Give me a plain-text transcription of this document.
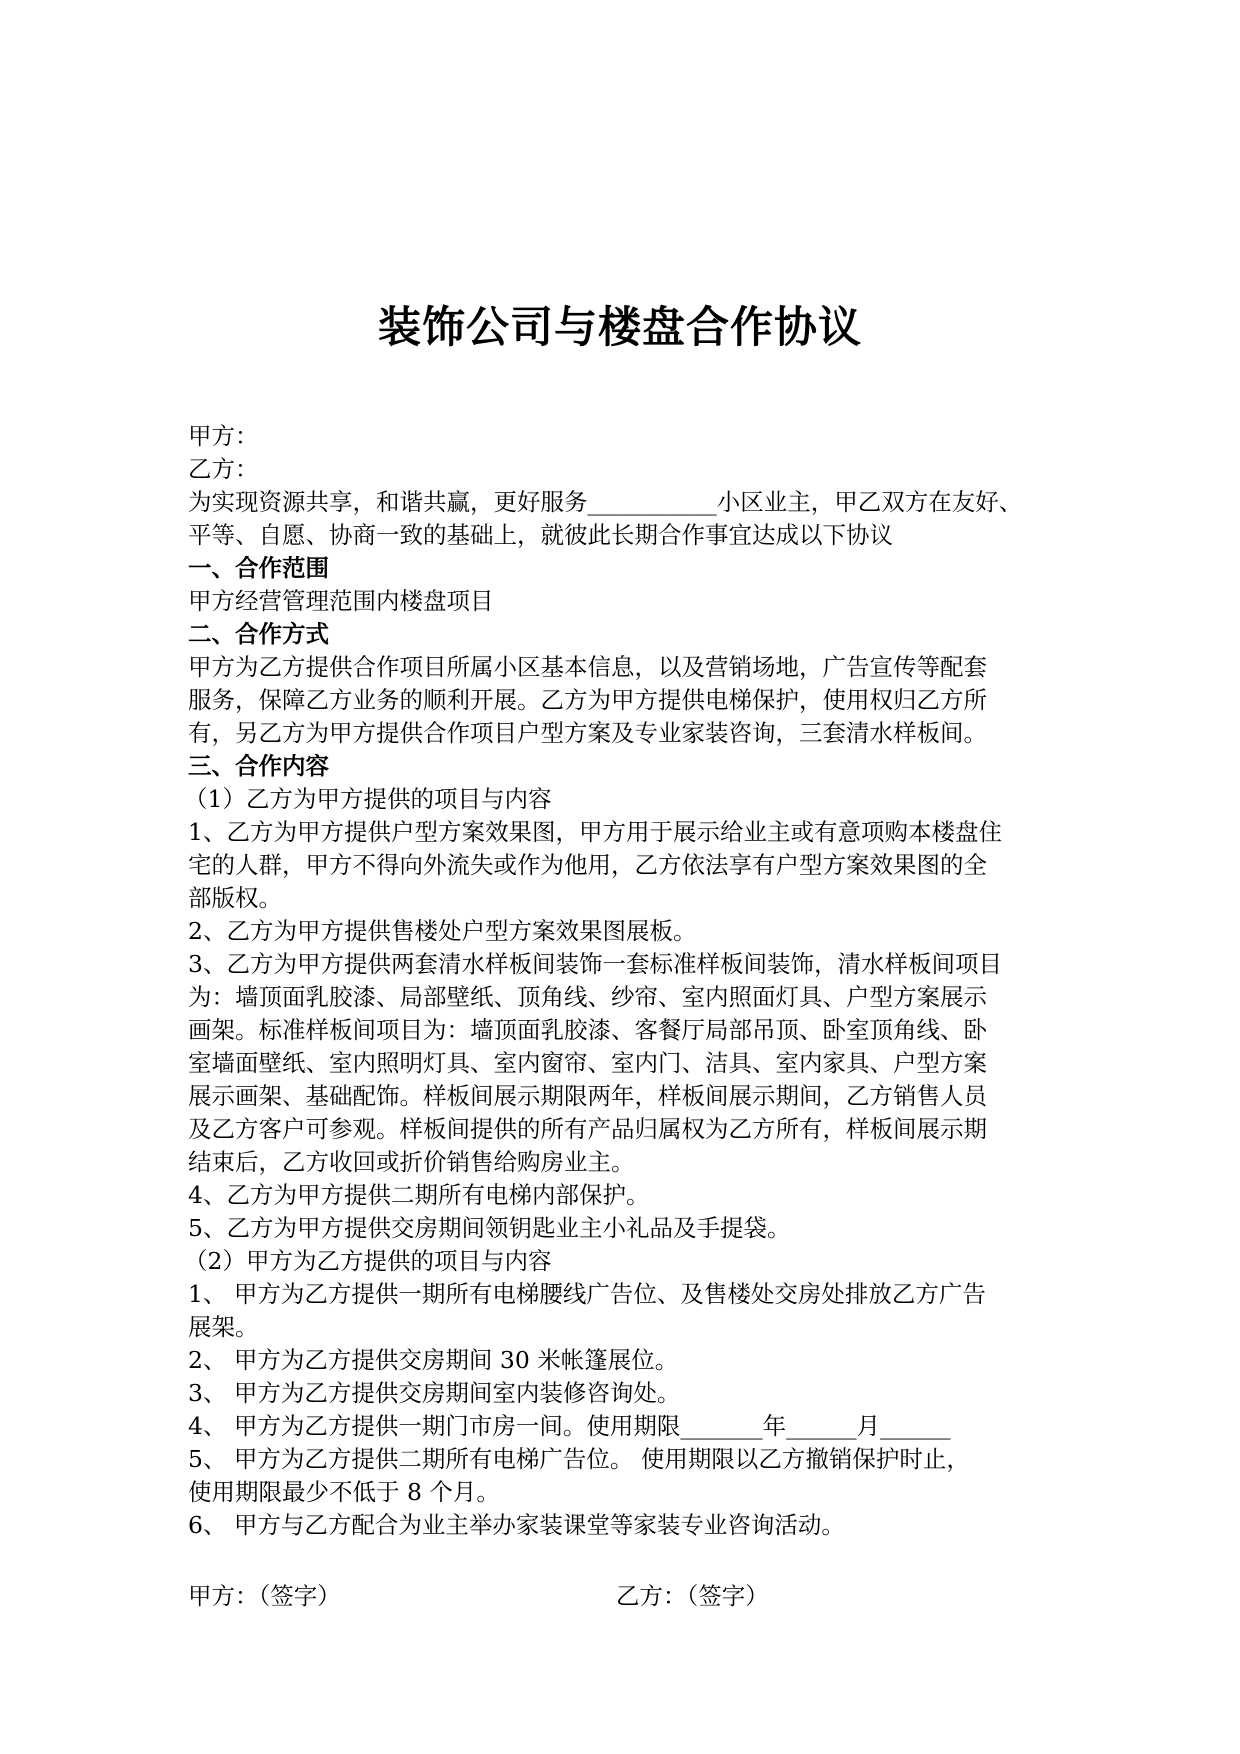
装饰公司与楼盘合作协议
甲方：
乙方：
为实现资源共享，和谐共赢，更好服务___________小区业主，甲乙双方在友好、
平等、自愿、协商一致的基础上，就彼此长期合作事宜达成以下协议
一、合作范围
甲方经营管理范围内楼盘项目
二、合作方式
甲方为乙方提供合作项目所属小区基本信息，以及营销场地，广告宣传等配套
服务，保障乙方业务的顺利开展。乙方为甲方提供电梯保护，使用权归乙方所
有，另乙方为甲方提供合作项目户型方案及专业家装咨询，三套清水样板间。
三、合作内容
（1）乙方为甲方提供的项目与内容
1、乙方为甲方提供户型方案效果图，甲方用于展示给业主或有意项购本楼盘住
宅的人群，甲方不得向外流失或作为他用，乙方依法享有户型方案效果图的全
部版权。
2、乙方为甲方提供售楼处户型方案效果图展板。
3、乙方为甲方提供两套清水样板间装饰一套标准样板间装饰，清水样板间项目
为：墙顶面乳胶漆、局部壁纸、顶角线、纱帘、室内照面灯具、户型方案展示
画架。标准样板间项目为：墙顶面乳胶漆、客餐厅局部吊顶、卧室顶角线、卧
室墙面壁纸、室内照明灯具、室内窗帘、室内门、洁具、室内家具、户型方案
展示画架、基础配饰。样板间展示期限两年，样板间展示期间，乙方销售人员
及乙方客户可参观。样板间提供的所有产品归属权为乙方所有，样板间展示期
结束后，乙方收回或折价销售给购房业主。
4、乙方为甲方提供二期所有电梯内部保护。
5、乙方为甲方提供交房期间领钥匙业主小礼品及手提袋。
（2）甲方为乙方提供的项目与内容
1、 甲方为乙方提供一期所有电梯腰线广告位、及售楼处交房处排放乙方广告
展架。
2、 甲方为乙方提供交房期间 30 米帐篷展位。
3、 甲方为乙方提供交房期间室内装修咨询处。
4、 甲方为乙方提供一期门市房一间。使用期限_______年______月______
5、 甲方为乙方提供二期所有电梯广告位。 使用期限以乙方撤销保护时止，
使用期限最少不低于 8 个月。
6、 甲方与乙方配合为业主举办家装课堂等家装专业咨询活动。
甲方：（签字）	乙方：（签字）
